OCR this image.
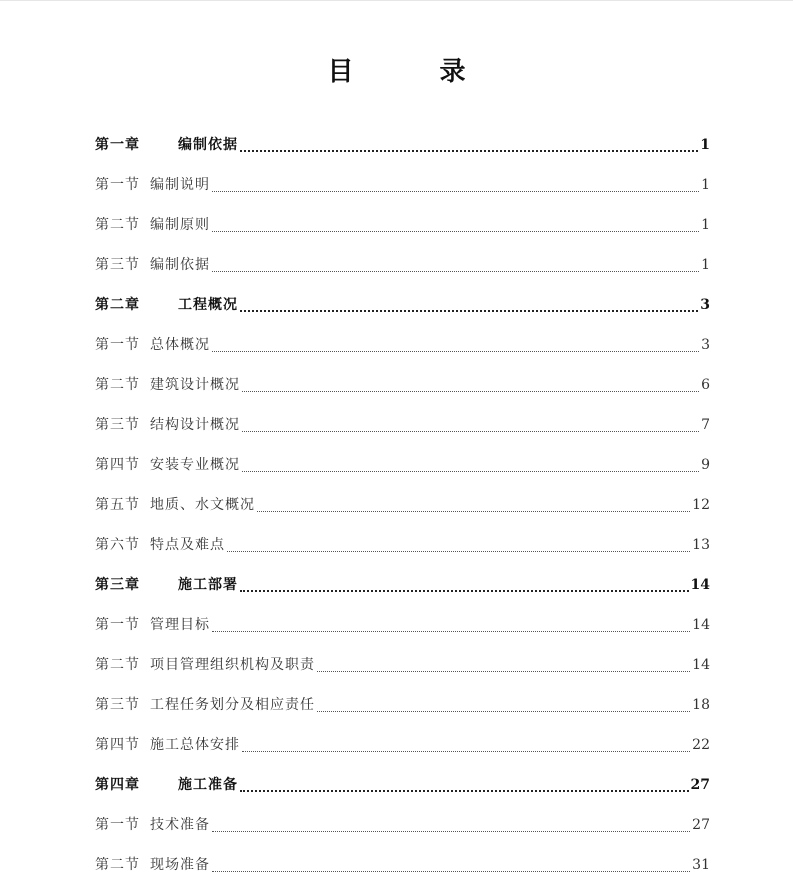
目　录
第一章	编制依据	1
第一节 编制说明	1
第二节 编制原则	1
第三节 编制依据	1
第二章	工程概况	3
第一节 总体概况	3
第二节 建筑设计概况	6
第三节 结构设计概况	7
第四节 安装专业概况	9
第五节 地质、水文概况	12
第六节 特点及难点	13
第三章	施工部署	14
第一节 管理目标	14
第二节 项目管理组织机构及职责	14
第三节 工程任务划分及相应责任	18
第四节 施工总体安排	22
第四章	施工准备	27
第一节 技术准备	27
第二节 现场准备	31
